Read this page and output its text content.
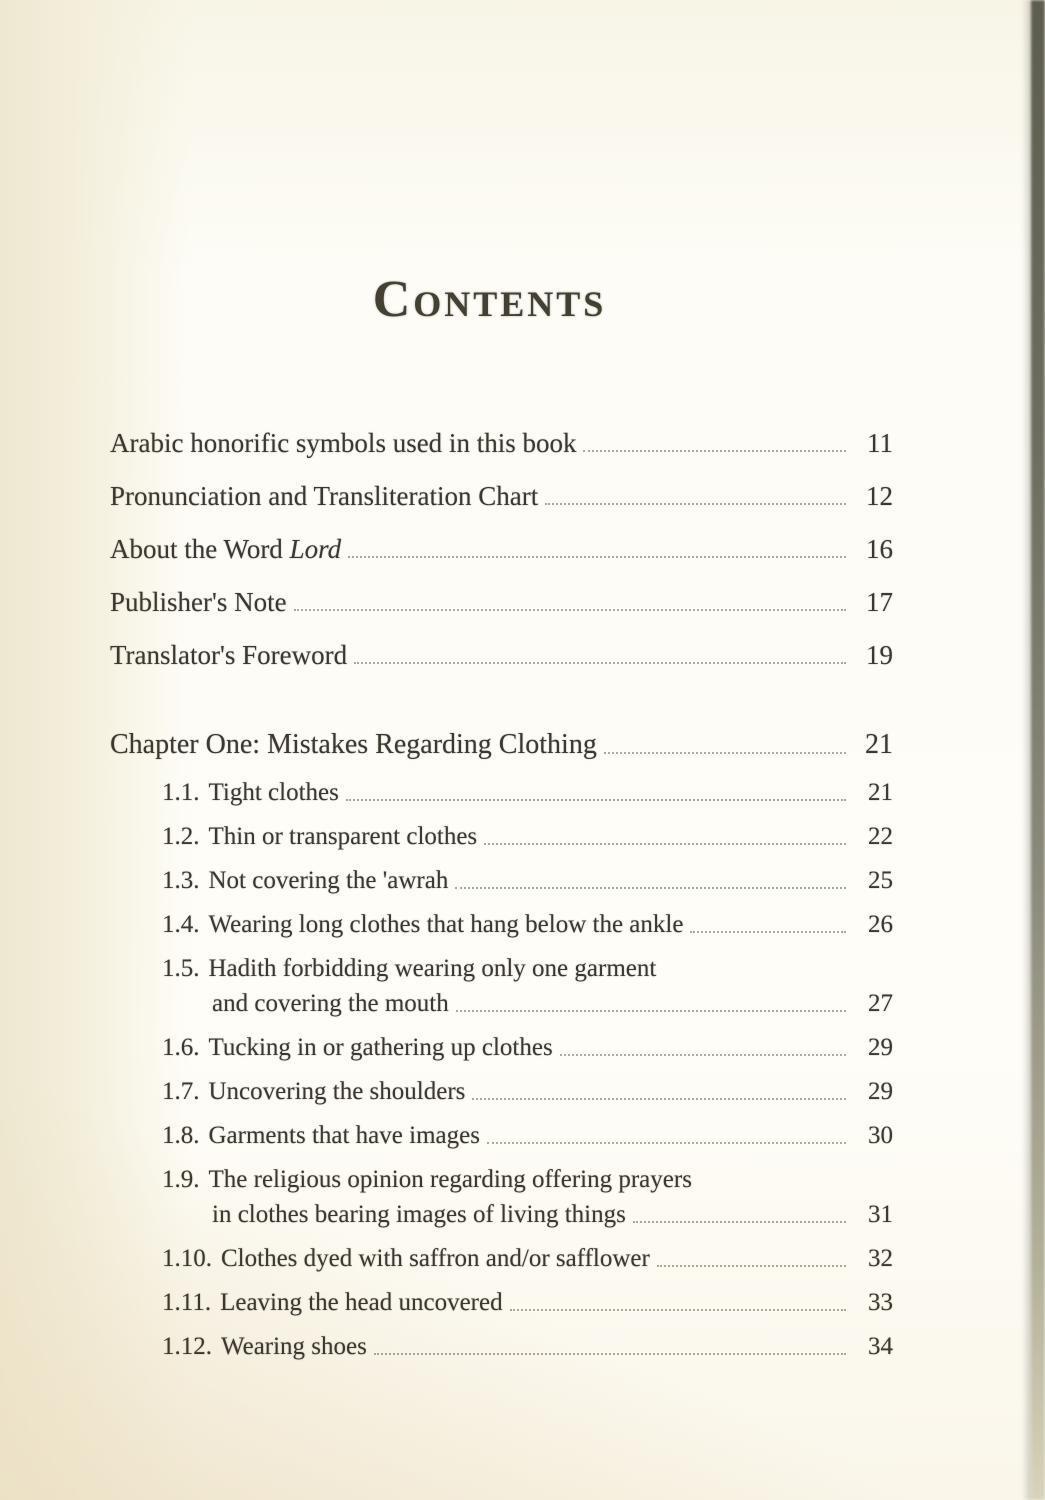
Contents
Arabic honorific symbols used in this book	11
Pronunciation and Transliteration Chart	12
About the Word Lord	16
Publisher's Note	17
Translator's Foreword	19
Chapter One: Mistakes Regarding Clothing	21
1.1. Tight clothes	21
1.2. Thin or transparent clothes	22
1.3. Not covering the 'awrah	25
1.4. Wearing long clothes that hang below the ankle	26
1.5. Hadith forbidding wearing only one garment
and covering the mouth	27
1.6. Tucking in or gathering up clothes	29
1.7. Uncovering the shoulders	29
1.8. Garments that have images	30
1.9. The religious opinion regarding offering prayers
in clothes bearing images of living things	31
1.10. Clothes dyed with saffron and/or safflower	32
1.11. Leaving the head uncovered	33
1.12. Wearing shoes	34
